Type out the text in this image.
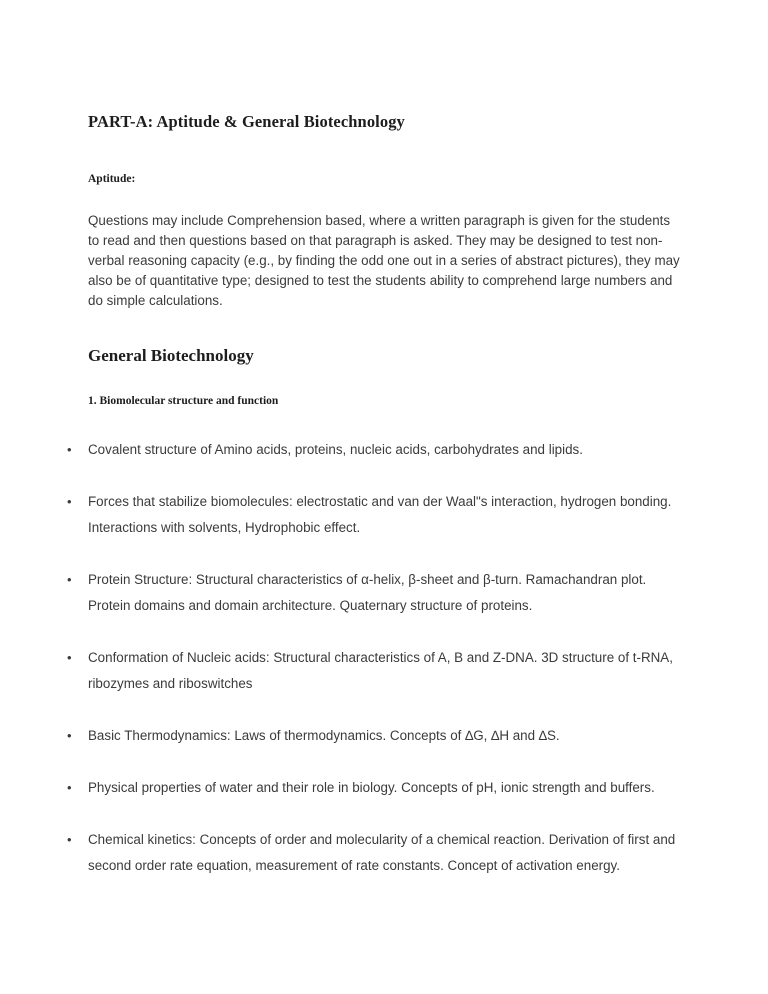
PART-A: Aptitude & General Biotechnology
Aptitude:

Questions may include Comprehension based, where a written paragraph is given for the students to read and then questions based on that paragraph is asked. They may be designed to test non-verbal reasoning capacity (e.g., by finding the odd one out in a series of abstract pictures), they may also be of quantitative type; designed to test the students ability to comprehend large numbers and do simple calculations.

General Biotechnology
1. Biomolecular structure and function
•	Covalent structure of Amino acids, proteins, nucleic acids, carbohydrates and lipids.
•	Forces that stabilize biomolecules: electrostatic and van der Waal"s interaction, hydrogen bonding. Interactions with solvents, Hydrophobic effect.
•	Protein Structure: Structural characteristics of α-helix, β-sheet and β-turn. Ramachandran plot. Protein domains and domain architecture. Quaternary structure of proteins.
•	Conformation of Nucleic acids: Structural characteristics of A, B and Z-DNA. 3D structure of t-RNA, ribozymes and riboswitches
•	Basic Thermodynamics: Laws of thermodynamics. Concepts of ∆G, ∆H and ∆S.
•	Physical properties of water and their role in biology. Concepts of pH, ionic strength and buffers.
•	Chemical kinetics: Concepts of order and molecularity of a chemical reaction. Derivation of first and second order rate equation, measurement of rate constants. Concept of activation energy.
